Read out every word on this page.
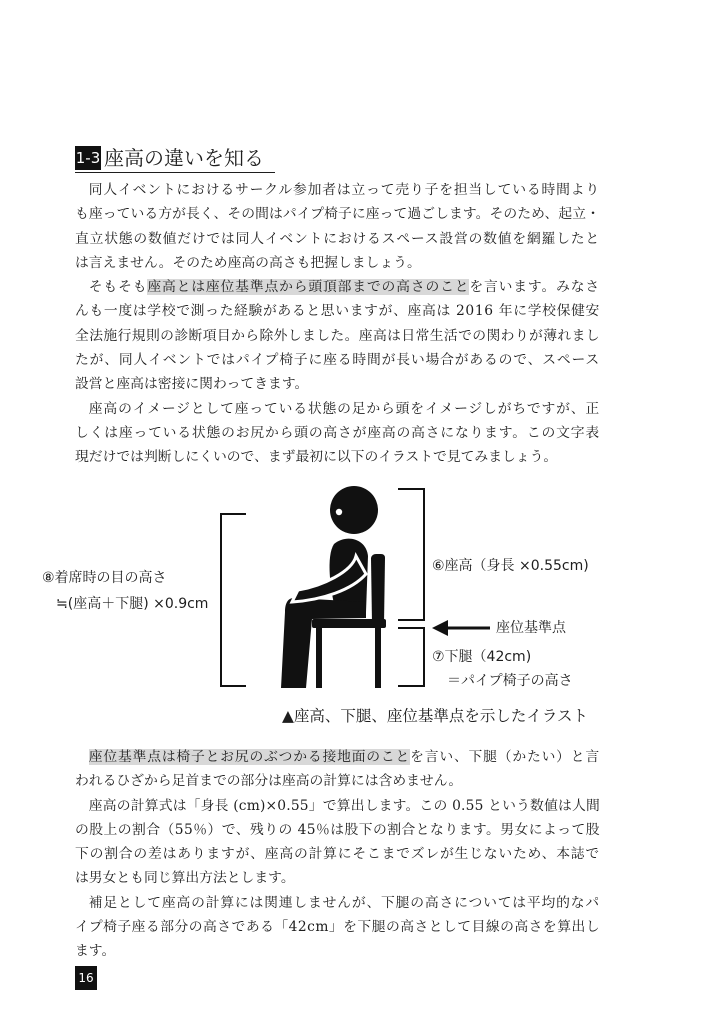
1-3 座高の違いを知る
同人イベントにおけるサークル参加者は立って売り子を担当している時間より
も座っている方が長く、その間はパイプ椅子に座って過ごします。そのため、起立・
直立状態の数値だけでは同人イベントにおけるスペース設営の数値を網羅したと
は言えません。そのため座高の高さも把握しましょう。
そもそも座高とは座位基準点から頭頂部までの高さのことを言います。みなさ
んも一度は学校で測った経験があると思いますが、座高は 2016 年に学校保健安
全法施行規則の診断項目から除外しました。座高は日常生活での関わりが薄れまし
たが、同人イベントではパイプ椅子に座る時間が長い場合があるので、スペース
設営と座高は密接に関わってきます。
座高のイメージとして座っている状態の足から頭をイメージしがちですが、正
しくは座っている状態のお尻から頭の高さが座高の高さになります。この文字表
現だけでは判断しにくいので、まず最初に以下のイラストで見てみましょう。
⑧着席時の目の高さ
≒(座高＋下腿) ×0.9cm
⑥座高（身長 ×0.55cm)
座位基準点
⑦下腿（42cm)
＝パイプ椅子の高さ
▲座高、下腿、座位基準点を示したイラスト
座位基準点は椅子とお尻のぶつかる接地面のことを言い、下腿（かたい）と言
われるひざから足首までの部分は座高の計算には含めません。
座高の計算式は「身長 (cm)×0.55」で算出します。この 0.55 という数値は人間
の股上の割合（55％）で、残りの 45％は股下の割合となります。男女によって股
下の割合の差はありますが、座高の計算にそこまでズレが生じないため、本誌で
は男女とも同じ算出方法とします。
補足として座高の計算には関連しませんが、下腿の高さについては平均的なパ
イプ椅子座る部分の高さである「42cm」を下腿の高さとして目線の高さを算出し
ます。
16
